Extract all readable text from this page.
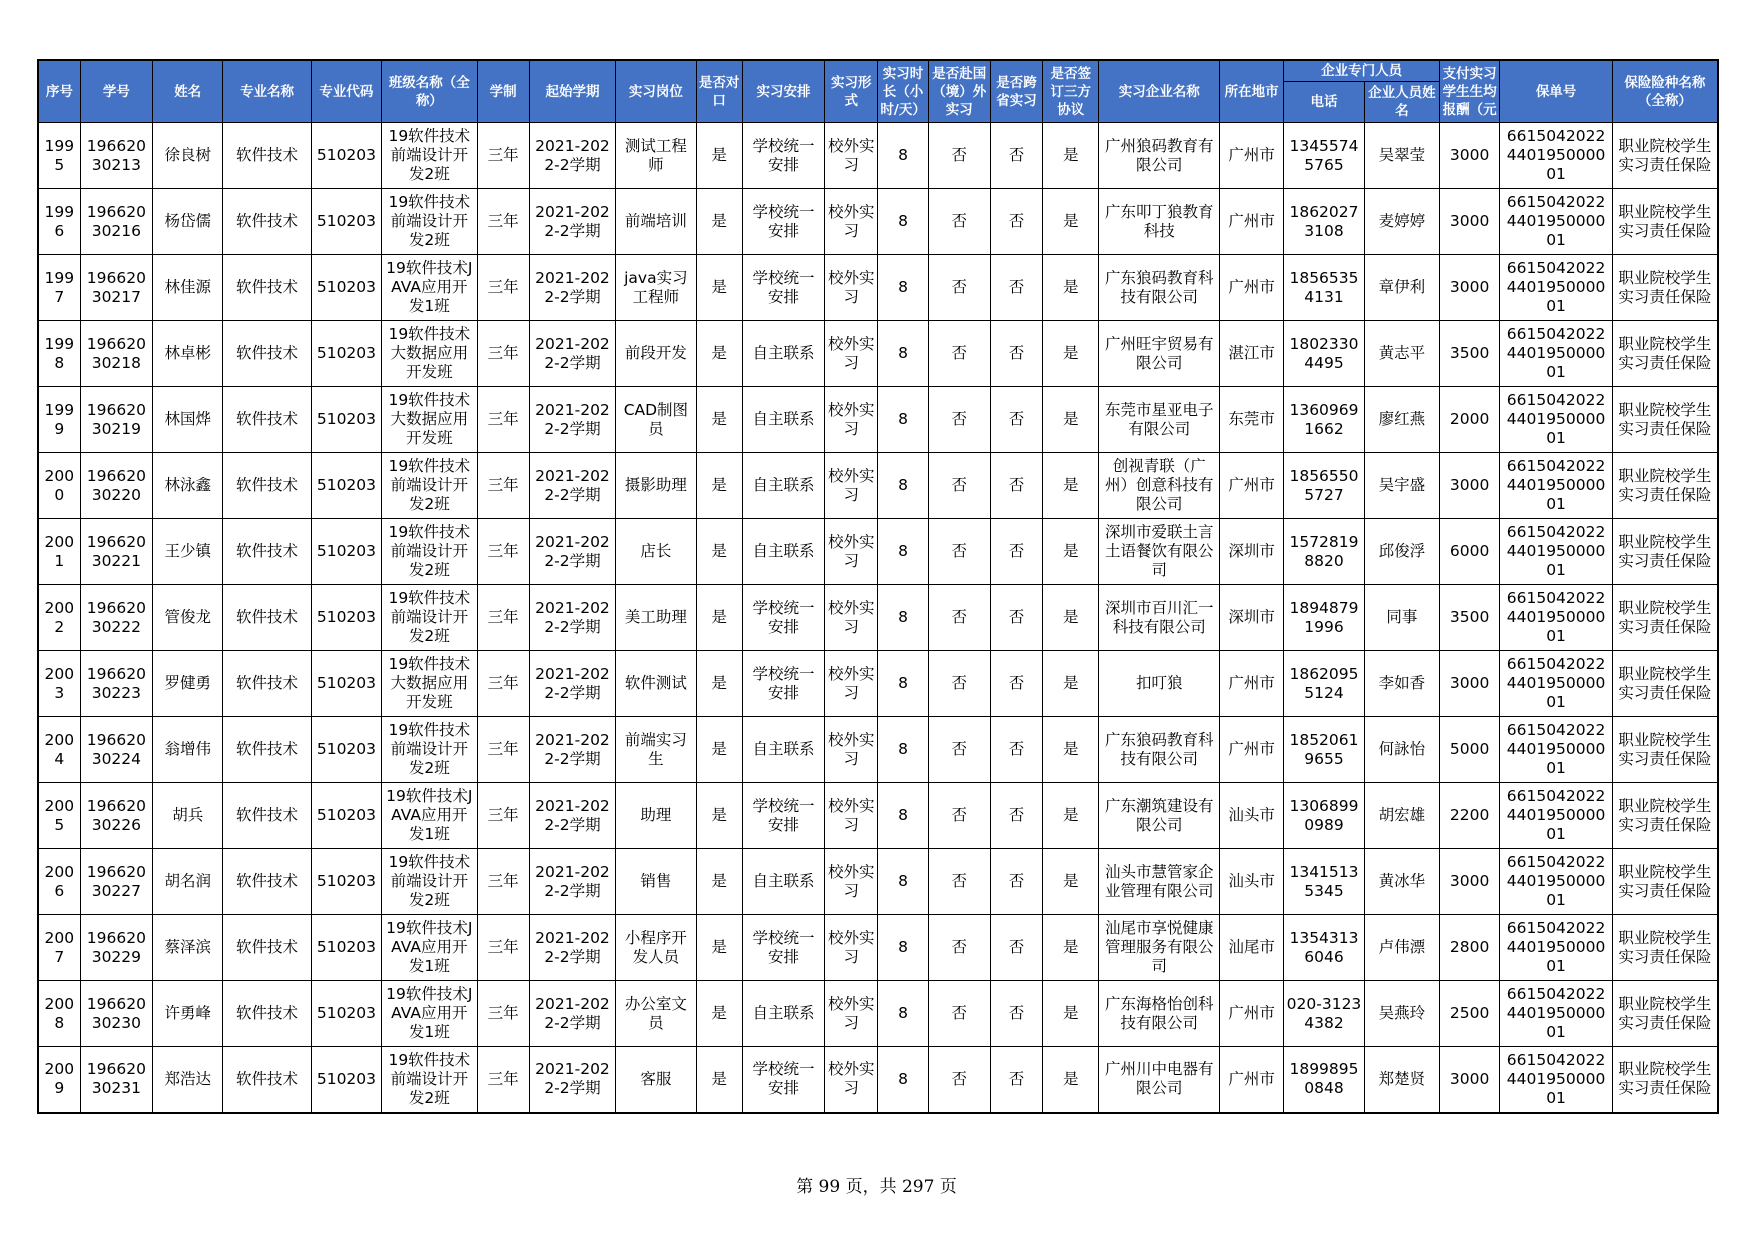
序号	学号	姓名	专业名称	专业代码	班级名称（全称）	学制	起始学期	实习岗位	是否对口	实习安排	实习形式	实习时长（小时/天）	是否赴国（境）外实习	是否跨省实习	是否签订三方协议	实习企业名称	所在地市	企业专门人员		支付实习学生生均报酬（元	保单号	保险险种名称（全称）
																		电话	企业人员姓名			
1995	19662030213	徐良树	软件技术	510203	19软件技术前端设计开发2班	三年	2021-2022-2学期	测试工程师	是	学校统一安排	校外实习	8	否	否	是	广州狼码教育有限公司	广州市	13455745765	吴翠莹	3000	6615042022440195000001	职业院校学生实习责任保险
1996	19662030216	杨岱儒	软件技术	510203	19软件技术前端设计开发2班	三年	2021-2022-2学期	前端培训	是	学校统一安排	校外实习	8	否	否	是	广东叩丁狼教育科技	广州市	18620273108	麦婷婷	3000	6615042022440195000001	职业院校学生实习责任保险
1997	19662030217	林佳源	软件技术	510203	19软件技术JAVA应用开发1班	三年	2021-2022-2学期	java实习工程师	是	学校统一安排	校外实习	8	否	否	是	广东狼码教育科技有限公司	广州市	18565354131	章伊利	3000	6615042022440195000001	职业院校学生实习责任保险
1998	19662030218	林卓彬	软件技术	510203	19软件技术大数据应用开发班	三年	2021-2022-2学期	前段开发	是	自主联系	校外实习	8	否	否	是	广州旺宇贸易有限公司	湛江市	18023304495	黄志平	3500	6615042022440195000001	职业院校学生实习责任保险
1999	19662030219	林国烨	软件技术	510203	19软件技术大数据应用开发班	三年	2021-2022-2学期	CAD制图员	是	自主联系	校外实习	8	否	否	是	东莞市星亚电子有限公司	东莞市	13609691662	廖红燕	2000	6615042022440195000001	职业院校学生实习责任保险
2000	19662030220	林泳鑫	软件技术	510203	19软件技术前端设计开发2班	三年	2021-2022-2学期	摄影助理	是	自主联系	校外实习	8	否	否	是	创视青联（广州）创意科技有限公司	广州市	18565505727	吴宇盛	3000	6615042022440195000001	职业院校学生实习责任保险
2001	19662030221	王少镇	软件技术	510203	19软件技术前端设计开发2班	三年	2021-2022-2学期	店长	是	自主联系	校外实习	8	否	否	是	深圳市爱联土言土语餐饮有限公司	深圳市	15728198820	邱俊浮	6000	6615042022440195000001	职业院校学生实习责任保险
2002	19662030222	管俊龙	软件技术	510203	19软件技术前端设计开发2班	三年	2021-2022-2学期	美工助理	是	学校统一安排	校外实习	8	否	否	是	深圳市百川汇一科技有限公司	深圳市	18948791996	同事	3500	6615042022440195000001	职业院校学生实习责任保险
2003	19662030223	罗健勇	软件技术	510203	19软件技术大数据应用开发班	三年	2021-2022-2学期	软件测试	是	学校统一安排	校外实习	8	否	否	是	扣叮狼	广州市	18620955124	李如香	3000	6615042022440195000001	职业院校学生实习责任保险
2004	19662030224	翁增伟	软件技术	510203	19软件技术前端设计开发2班	三年	2021-2022-2学期	前端实习生	是	自主联系	校外实习	8	否	否	是	广东狼码教育科技有限公司	广州市	18520619655	何詠怡	5000	6615042022440195000001	职业院校学生实习责任保险
2005	19662030226	胡兵	软件技术	510203	19软件技术JAVA应用开发1班	三年	2021-2022-2学期	助理	是	学校统一安排	校外实习	8	否	否	是	广东潮筑建设有限公司	汕头市	13068990989	胡宏雄	2200	6615042022440195000001	职业院校学生实习责任保险
2006	19662030227	胡名润	软件技术	510203	19软件技术前端设计开发2班	三年	2021-2022-2学期	销售	是	自主联系	校外实习	8	否	否	是	汕头市慧管家企业管理有限公司	汕头市	13415135345	黄冰华	3000	6615042022440195000001	职业院校学生实习责任保险
2007	19662030229	蔡泽滨	软件技术	510203	19软件技术JAVA应用开发1班	三年	2021-2022-2学期	小程序开发人员	是	学校统一安排	校外实习	8	否	否	是	汕尾市享悦健康管理服务有限公司	汕尾市	13543136046	卢伟漂	2800	6615042022440195000001	职业院校学生实习责任保险
2008	19662030230	许勇峰	软件技术	510203	19软件技术JAVA应用开发1班	三年	2021-2022-2学期	办公室文员	是	自主联系	校外实习	8	否	否	是	广东海格怡创科技有限公司	广州市	020-31234382	吴燕玲	2500	6615042022440195000001	职业院校学生实习责任保险
2009	19662030231	郑浩达	软件技术	510203	19软件技术前端设计开发2班	三年	2021-2022-2学期	客服	是	学校统一安排	校外实习	8	否	否	是	广州川中电器有限公司	广州市	18998950848	郑楚贤	3000	6615042022440195000001	职业院校学生实习责任保险
第 99 页，共 297 页
